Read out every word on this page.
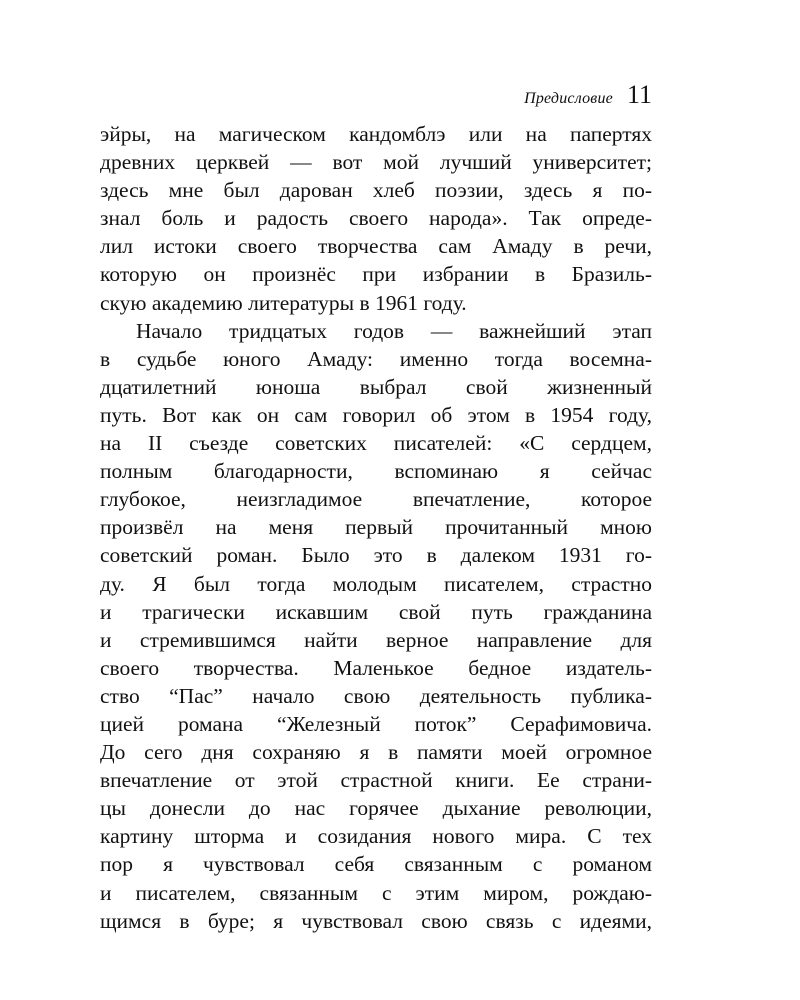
Предисловие 11
эйры, на магическом кандомблэ или на папертях
древних церквей — вот мой лучший университет;
здесь мне был дарован хлеб поэзии, здесь я по-
знал боль и радость своего народа». Так опреде-
лил истоки своего творчества сам Амаду в речи,
которую он произнёс при избрании в Бразиль-
скую академию литературы в 1961 году.
Начало тридцатых годов — важнейший этап
в судьбе юного Амаду: именно тогда восемна-
дцатилетний юноша выбрал свой жизненный
путь. Вот как он сам говорил об этом в 1954 году,
на II съезде советских писателей: «С сердцем,
полным благодарности, вспоминаю я сейчас
глубокое, неизгладимое впечатление, которое
произвёл на меня первый прочитанный мною
советский роман. Было это в далеком 1931 го-
ду. Я был тогда молодым писателем, страстно
и трагически искавшим свой путь гражданина
и стремившимся найти верное направление для
своего творчества. Маленькое бедное издатель-
ство “Пас” начало свою деятельность публика-
цией романа “Железный поток” Серафимовича.
До сего дня сохраняю я в памяти моей огромное
впечатление от этой страстной книги. Ее страни-
цы донесли до нас горячее дыхание революции,
картину шторма и созидания нового мира. С тех
пор я чувствовал себя связанным с романом
и писателем, связанным с этим миром, рождаю-
щимся в буре; я чувствовал свою связь с идеями,
